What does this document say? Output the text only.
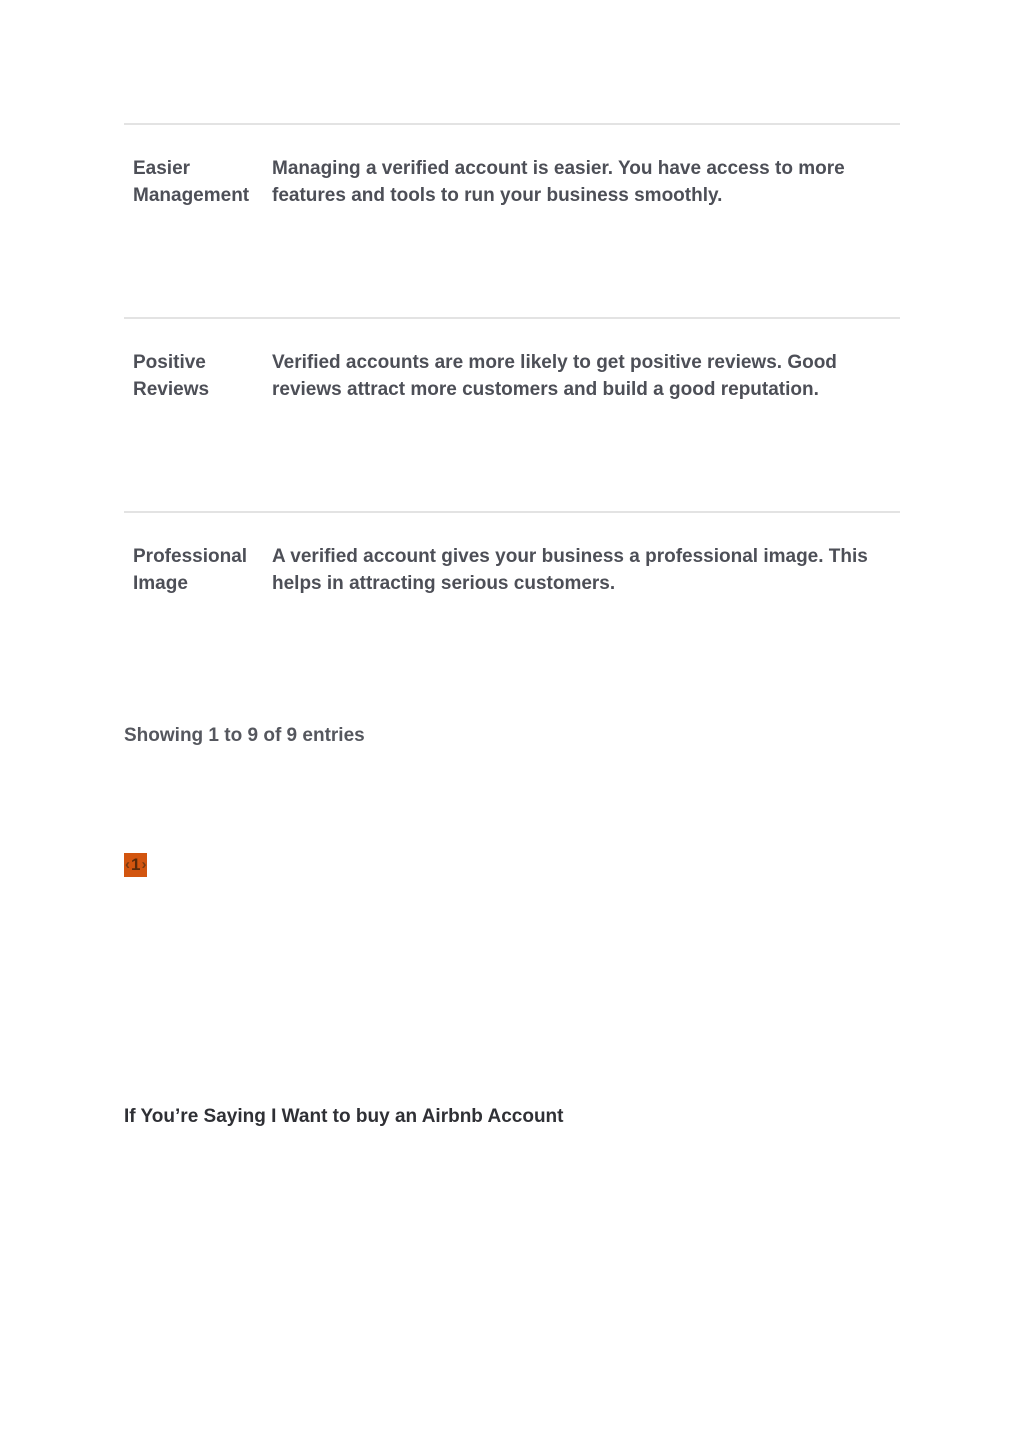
Easier Management
Managing a verified account is easier. You have access to more features and tools to run your business smoothly.
Positive Reviews
Verified accounts are more likely to get positive reviews. Good reviews attract more customers and build a good reputation.
Professional Image
A verified account gives your business a professional image. This helps in attracting serious customers.
Showing 1 to 9 of 9 entries
‹ 1 ›
If You’re Saying I Want to buy an Airbnb Account
